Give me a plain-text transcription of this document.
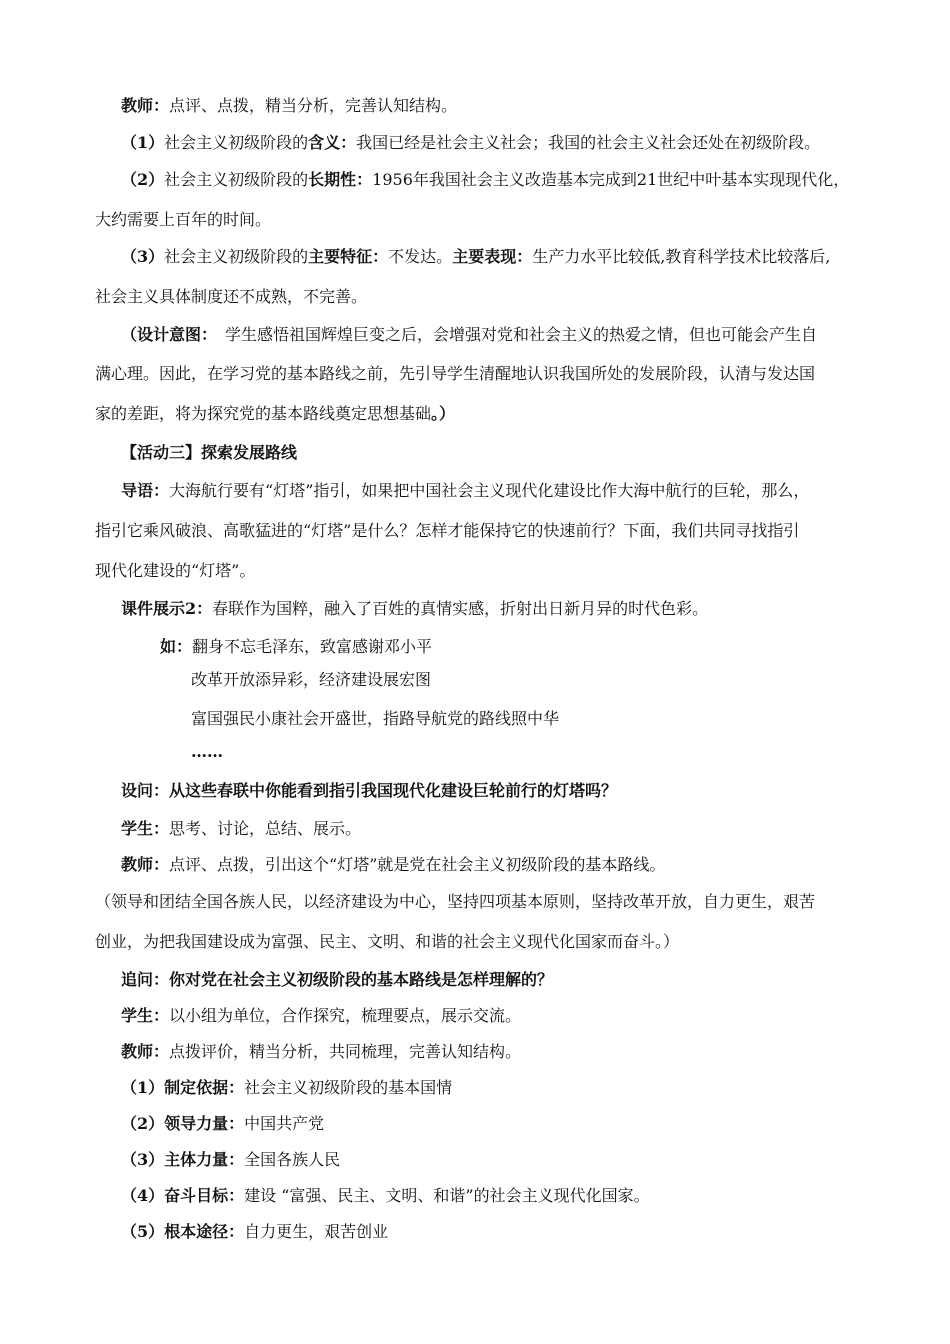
教师：点评、点拨，精当分析，完善认知结构。
（1）社会主义初级阶段的含义：我国已经是社会主义社会；我国的社会主义社会还处在初级阶段。
（2）社会主义初级阶段的长期性：1956年我国社会主义改造基本完成到21世纪中叶基本实现现代化，
大约需要上百年的时间。
（3）社会主义初级阶段的主要特征：不发达。主要表现：生产力水平比较低,教育科学技术比较落后,
社会主义具体制度还不成熟，不完善。
（设计意图： 学生感悟祖国辉煌巨变之后，会增强对党和社会主义的热爱之情，但也可能会产生自
满心理。因此，在学习党的基本路线之前，先引导学生清醒地认识我国所处的发展阶段，认清与发达国
家的差距，将为探究党的基本路线奠定思想基础。）
【活动三】探索发展路线
导语：大海航行要有“灯塔”指引，如果把中国社会主义现代化建设比作大海中航行的巨轮，那么，
指引它乘风破浪、高歌猛进的“灯塔”是什么？怎样才能保持它的快速前行？下面，我们共同寻找指引
现代化建设的“灯塔”。
课件展示2：春联作为国粹，融入了百姓的真情实感，折射出日新月异的时代色彩。
如：翻身不忘毛泽东，致富感谢邓小平
改革开放添异彩，经济建设展宏图
富国强民小康社会开盛世，指路导航党的路线照中华
……
设问：从这些春联中你能看到指引我国现代化建设巨轮前行的灯塔吗？
学生：思考、讨论，总结、展示。
教师：点评、点拨，引出这个“灯塔”就是党在社会主义初级阶段的基本路线。
（领导和团结全国各族人民，以经济建设为中心，坚持四项基本原则，坚持改革开放，自力更生，艰苦
创业，为把我国建设成为富强、民主、文明、和谐的社会主义现代化国家而奋斗。）
追问：你对党在社会主义初级阶段的基本路线是怎样理解的？
学生：以小组为单位，合作探究，梳理要点，展示交流。
教师：点拨评价，精当分析，共同梳理，完善认知结构。
（1）制定依据：社会主义初级阶段的基本国情
（2）领导力量：中国共产党
（3）主体力量：全国各族人民
（4）奋斗目标：建设 “富强、民主、文明、和谐”的社会主义现代化国家。
（5）根本途径：自力更生，艰苦创业
